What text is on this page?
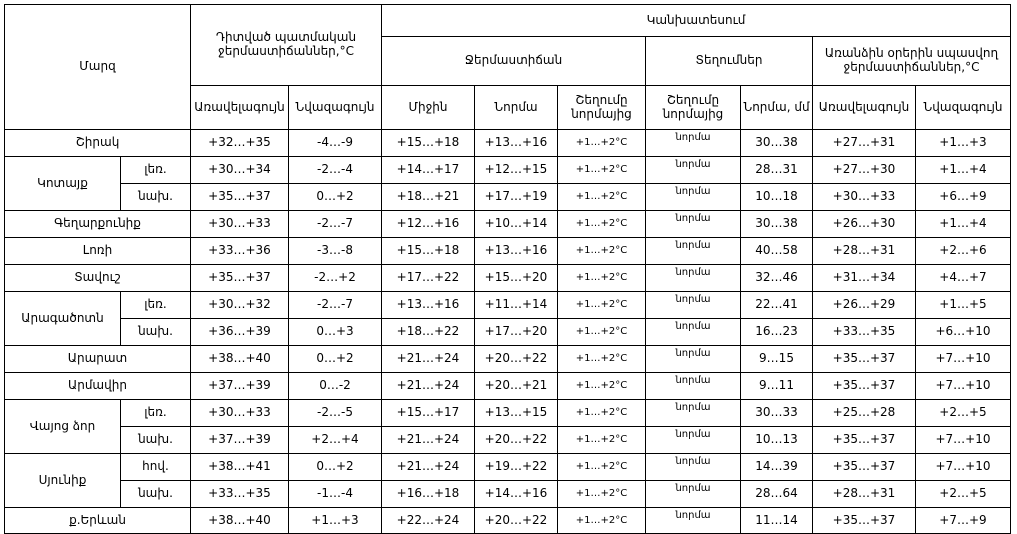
Մարզ		Դիտված պատմական ջերմաստիճաններ,°C		Կանխատեսում						
				Ջերմաստիճան			Տեղումներ		Առանձին օրերին սպասվող ջերմաստիճաններ,°C	
		Առավելագույն	Նվազագույն	Միջին	Նորմա	Շեղումը նորմայից	Շեղումը նորմայից	Նորմա, մմ	Առավելագույն	Նվազագույն
Շիրակ		+32…+35	-4…-9	+15…+18	+13…+16	+1…+2°C	նորմա	30…38	+27…+31	+1…+3
Կոտայք	լեռ.	+30…+34	-2…-4	+14…+17	+12…+15	+1…+2°C	նորմա	28…31	+27…+30	+1…+4
	նախ.	+35…+37	0…+2	+18…+21	+17…+19	+1…+2°C	նորմա	10…18	+30…+33	+6…+9
Գեղարքունիք		+30…+33	-2…-7	+12…+16	+10…+14	+1…+2°C	նորմա	30…38	+26…+30	+1…+4
Լոռի		+33…+36	-3…-8	+15…+18	+13…+16	+1…+2°C	նորմա	40…58	+28…+31	+2…+6
Տավուշ		+35…+37	-2…+2	+17…+22	+15…+20	+1…+2°C	նորմա	32…46	+31…+34	+4…+7
Արագածոտն	լեռ.	+30…+32	-2…-7	+13…+16	+11…+14	+1…+2°C	նորմա	22…41	+26…+29	+1…+5
	նախ.	+36…+39	0…+3	+18…+22	+17…+20	+1…+2°C	նորմա	16…23	+33…+35	+6…+10
Արարատ		+38…+40	0…+2	+21…+24	+20…+22	+1…+2°C	նորմա	9…15	+35…+37	+7…+10
Արմավիր		+37…+39	0…-2	+21…+24	+20…+21	+1…+2°C	նորմա	9…11	+35…+37	+7…+10
Վայոց ձոր	լեռ.	+30…+33	-2…-5	+15…+17	+13…+15	+1…+2°C	նորմա	30…33	+25…+28	+2…+5
	նախ.	+37…+39	+2…+4	+21…+24	+20…+22	+1…+2°C	նորմա	10…13	+35…+37	+7…+10
Սյունիք	հով.	+38…+41	0…+2	+21…+24	+19…+22	+1…+2°C	նորմա	14…39	+35…+37	+7…+10
	նախ.	+33…+35	-1…-4	+16…+18	+14…+16	+1…+2°C	նորմա	28…64	+28…+31	+2…+5
ք.Երևան		+38…+40	+1…+3	+22…+24	+20…+22	+1…+2°C	նորմա	11…14	+35…+37	+7…+9
